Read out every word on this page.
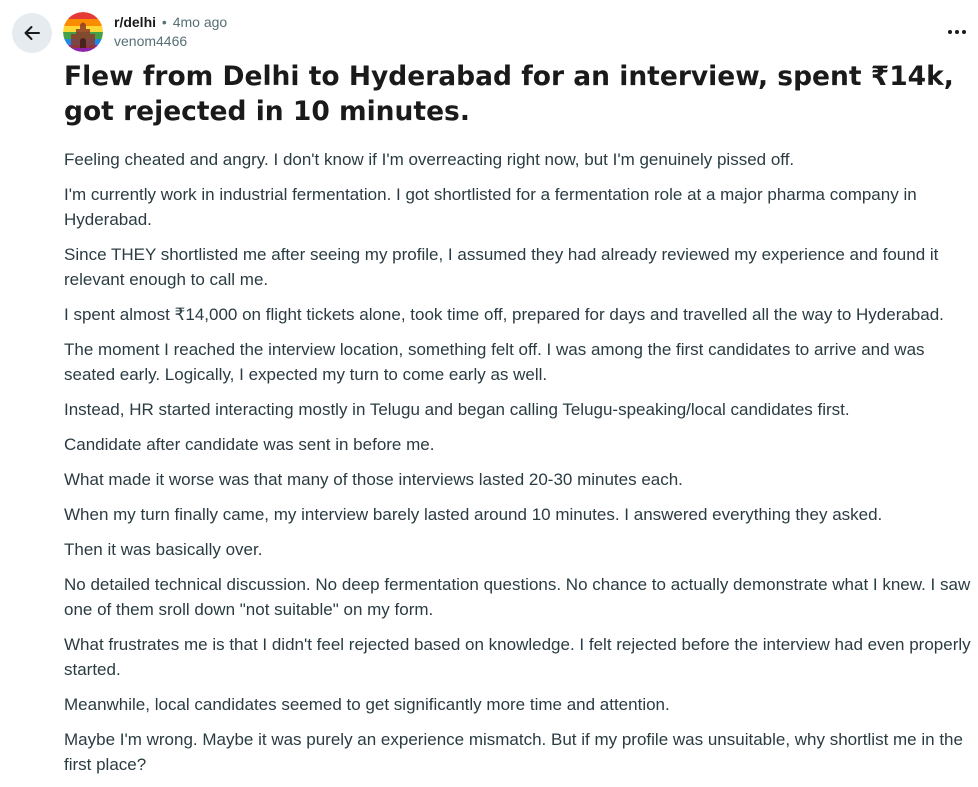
r/delhi • 4mo ago
venom4466
Flew from Delhi to Hyderabad for an interview, spent ₹14k, got rejected in 10 minutes.

Feeling cheated and angry. I don't know if I'm overreacting right now, but I'm genuinely pissed off.

I'm currently work in industrial fermentation. I got shortlisted for a fermentation role at a major pharma company in Hyderabad.

Since THEY shortlisted me after seeing my profile, I assumed they had already reviewed my experience and found it relevant enough to call me.

I spent almost ₹14,000 on flight tickets alone, took time off, prepared for days and travelled all the way to Hyderabad.

The moment I reached the interview location, something felt off. I was among the first candidates to arrive and was seated early. Logically, I expected my turn to come early as well.

Instead, HR started interacting mostly in Telugu and began calling Telugu-speaking/local candidates first.

Candidate after candidate was sent in before me.

What made it worse was that many of those interviews lasted 20-30 minutes each.

When my turn finally came, my interview barely lasted around 10 minutes. I answered everything they asked.

Then it was basically over.

No detailed technical discussion. No deep fermentation questions. No chance to actually demonstrate what I knew. I saw one of them sroll down "not suitable" on my form.

What frustrates me is that I didn't feel rejected based on knowledge. I felt rejected before the interview had even properly started.

Meanwhile, local candidates seemed to get significantly more time and attention.

Maybe I'm wrong. Maybe it was purely an experience mismatch. But if my profile was unsuitable, why shortlist me in the first place?
